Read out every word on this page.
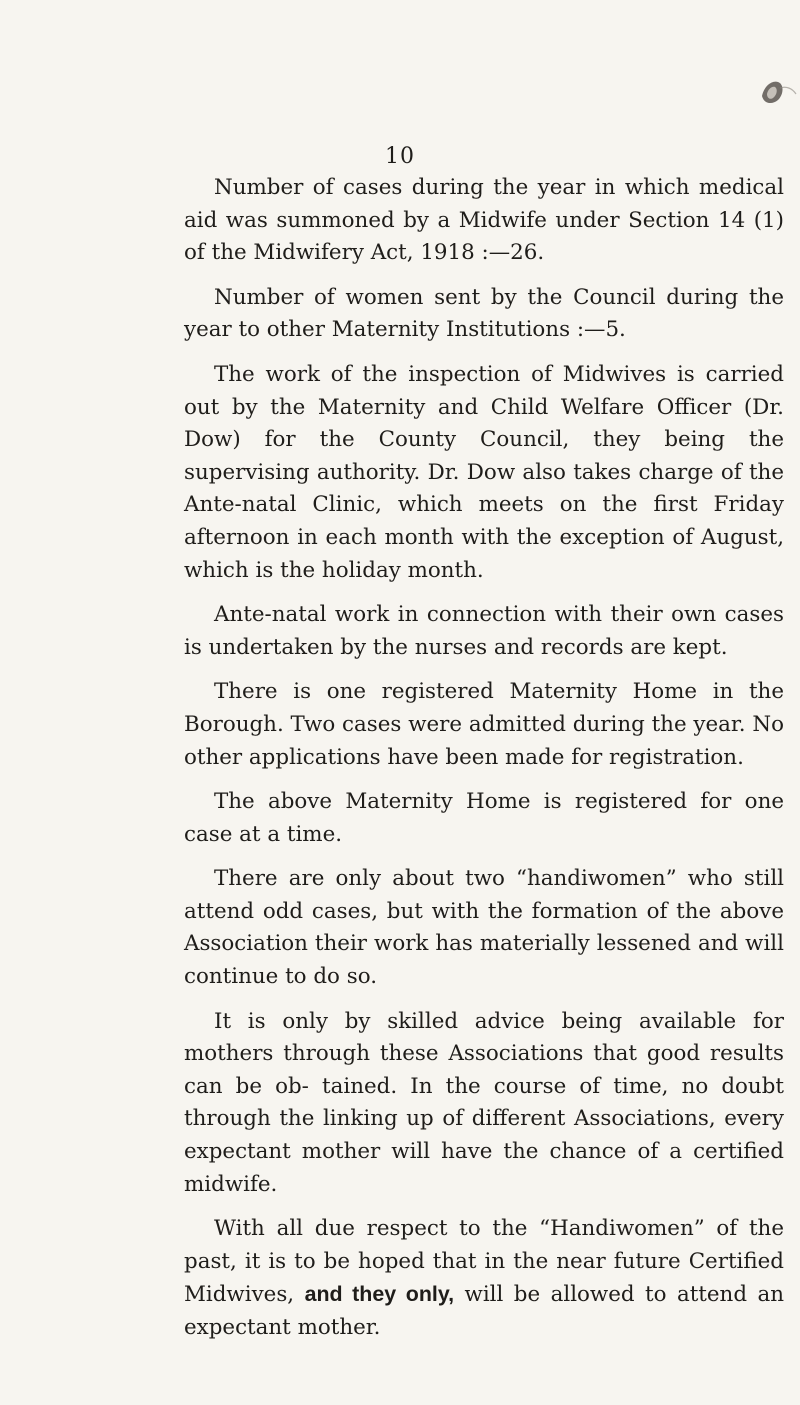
10

Number of cases during the year in which medical aid was summoned by a Midwife under Section 14 (1) of the Midwifery Act, 1918 :—26.

Number of women sent by the Council during the year to other Maternity Institutions :—5.

The work of the inspection of Midwives is carried out by the Maternity and Child Welfare Officer (Dr. Dow) for the County Council, they being the supervising authority. Dr. Dow also takes charge of the Ante-natal Clinic, which meets on the first Friday afternoon in each month with the exception of August, which is the holiday month.

Ante-natal work in connection with their own cases is undertaken by the nurses and records are kept.

There is one registered Maternity Home in the Borough. Two cases were admitted during the year. No other applications have been made for registration.

The above Maternity Home is registered for one case at a time.

There are only about two “handiwomen” who still attend odd cases, but with the formation of the above Association their work has materially lessened and will continue to do so.

It is only by skilled advice being available for mothers through these Associations that good results can be ob- tained. In the course of time, no doubt through the linking up of different Associations, every expectant mother will have the chance of a certified midwife.

With all due respect to the “Handiwomen” of the past, it is to be hoped that in the near future Certified Midwives, and they only, will be allowed to attend an expectant mother.
